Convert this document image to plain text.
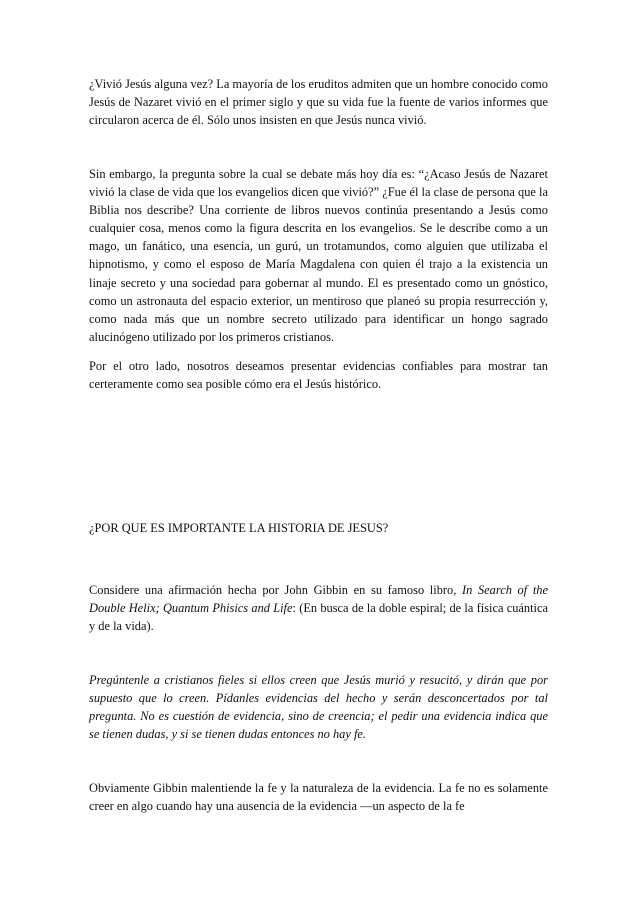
¿Vivió Jesús alguna vez? La mayoría de los eruditos admiten que un hombre conocido como Jesús de Nazaret vivió en el primer siglo y que su vida fue la fuente de varios informes que circularon acerca de él. Sólo unos insisten en que Jesús nunca vivió.

Sin embargo, la pregunta sobre la cual se debate más hoy día es: “¿Acaso Jesús de Nazaret vivió la clase de vida que los evangelios dicen que vivió?” ¿Fue él la clase de persona que la Biblia nos describe? Una corriente de libros nuevos continúa presentando a Jesús como cualquier cosa, menos como la figura descrita en los evangelios. Se le describe como a un mago, un fanático, una esencia, un gurú, un trotamundos, como alguien que utilizaba el hipnotismo, y como el esposo de María Magdalena con quien él trajo a la existencia un linaje secreto y una sociedad para gobernar al mundo. El es presentado como un gnóstico, como un astronauta del espacio exterior, un mentiroso que planeó su propia resurrección y, como nada más que un nombre secreto utilizado para identificar un hongo sagrado alucinógeno utilizado por los primeros cristianos.

Por el otro lado, nosotros deseamos presentar evidencias confiables para mostrar tan certeramente como sea posible cómo era el Jesús histórico.

¿POR QUE ES IMPORTANTE LA HISTORIA DE JESUS?

Considere una afirmación hecha por John Gibbin en su famoso libro, In Search of the Double Helix; Quantum Phisics and Life: (En busca de la doble espiral; de la física cuántica y de la vida).

Pregúntenle a cristianos fieles si ellos creen que Jesús murió y resucitó, y dirán que por supuesto que lo creen. Pídanles evidencias del hecho y serán desconcertados por tal pregunta. No es cuestión de evidencia, sino de creencia; el pedir una evidencia indica que se tienen dudas, y si se tienen dudas entonces no hay fe.

Obviamente Gibbin malentiende la fe y la naturaleza de la evidencia. La fe no es solamente creer en algo cuando hay una ausencia de la evidencia —un aspecto de la fe
